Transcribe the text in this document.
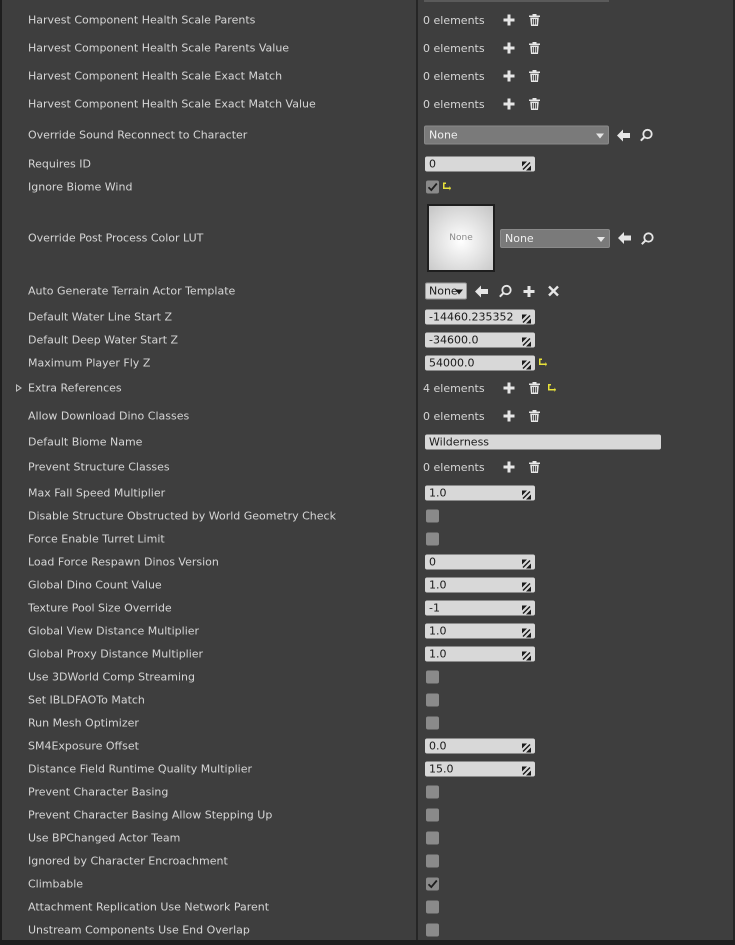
Harvest Component Health Scale Parents	0 elements
Harvest Component Health Scale Parents Value	0 elements
Harvest Component Health Scale Exact Match	0 elements
Harvest Component Health Scale Exact Match Value	0 elements
Override Sound Reconnect to Character	None
Requires ID	0
Ignore Biome Wind
Override Post Process Color LUT	None	None
Auto Generate Terrain Actor Template	None
Default Water Line Start Z	-14460.235352
Default Deep Water Start Z	-34600.0
Maximum Player Fly Z	54000.0
Extra References	4 elements
Allow Download Dino Classes	0 elements
Default Biome Name	Wilderness
Prevent Structure Classes	0 elements
Max Fall Speed Multiplier	1.0
Disable Structure Obstructed by World Geometry Check
Force Enable Turret Limit
Load Force Respawn Dinos Version	0
Global Dino Count Value	1.0
Texture Pool Size Override	-1
Global View Distance Multiplier	1.0
Global Proxy Distance Multiplier	1.0
Use 3DWorld Comp Streaming
Set IBLDFAOTo Match
Run Mesh Optimizer
SM4Exposure Offset	0.0
Distance Field Runtime Quality Multiplier	15.0
Prevent Character Basing
Prevent Character Basing Allow Stepping Up
Use BPChanged Actor Team
Ignored by Character Encroachment
Climbable
Attachment Replication Use Network Parent
Unstream Components Use End Overlap
